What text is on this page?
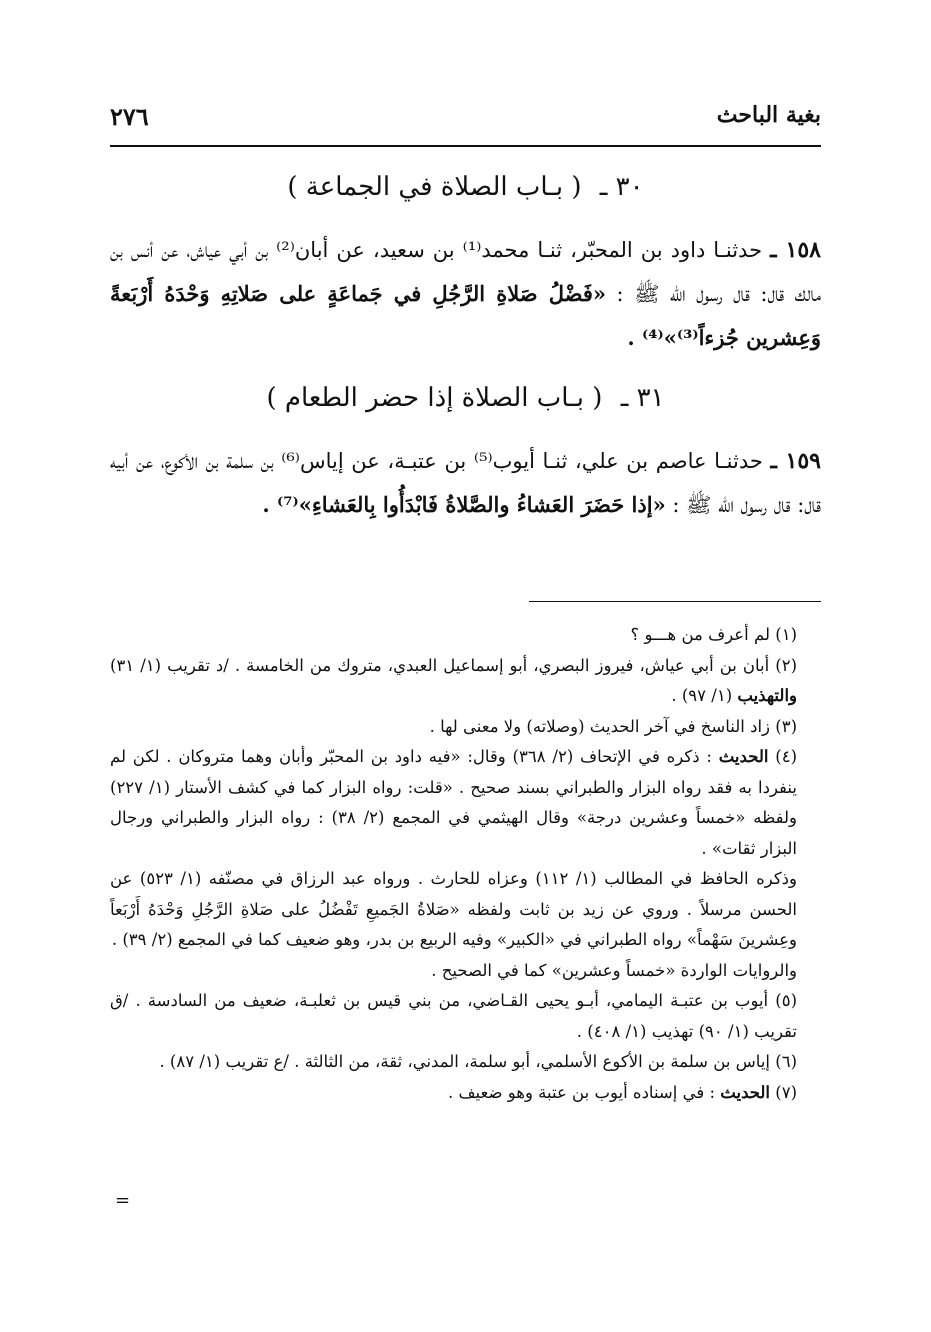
٢٧٦	بغية الباحث
٣٠ ـ ( بـاب الصلاة في الجماعة )

١٥٨ ـ حدثنـا داود بن المحبّر، ثنـا محمد⁽¹⁾ بن سعيد، عن أبان⁽²⁾ بن أبي عياش، عن أنس بن مالك قال: قال رسول الله ﷺ : «فَضْلُ صَلاةِ الرَّجُلِ في جَماعَةٍ على صَلاتِهِ وَحْدَهُ أَرْبَعةً وَعِشرين جُزءاً⁽³⁾»⁽⁴⁾ .

٣١ ـ ( بـاب الصلاة إذا حضر الطعام )

١٥٩ ـ حدثنـا عاصم بن علي، ثنـا أيوب⁽⁵⁾ بن عتبـة، عن إياس⁽⁶⁾ بن سلمة بن الأكوع، عن أبيه قال: قال رسول الله ﷺ : «إذا حَضَرَ العَشاءُ والصَّلاةُ فَابْدَأُوا بِالعَشاءِ»⁽⁷⁾ .

(١) لم أعرف من هـــو ؟

(٢) أبان بن أبي عياش، فيروز البصري، أبو إسماعيل العبدي، متروك من الخامسة . /د تقريب (١/ ٣١) والتهذيب (١/ ٩٧) .

(٣) زاد الناسخ في آخر الحديث (وصلاته) ولا معنى لها .

(٤) الحديث : ذكره في الإتحاف (٢/ ٣٦٨) وقال: «فيه داود بن المحبّر وأبان وهما متروكان . لكن لم ينفردا به فقد رواه البزار والطبراني بسند صحيح . «قلت: رواه البزار كما في كشف الأستار (١/ ٢٢٧) ولفظه «خمساً وعشرين درجة» وقال الهيثمي في المجمع (٢/ ٣٨) : رواه البزار والطبراني ورجال البزار ثقات» .

وذكره الحافظ في المطالب (١/ ١١٢) وعزاه للحارث . ورواه عبد الرزاق في مصنّفه (١/ ٥٢٣) عن الحسن مرسلاً . وروي عن زيد بن ثابت ولفظه «صَلاةُ الجَميعِ تَفْضُلُ على صَلاةِ الرَّجُلِ وَحْدَهُ أَرْبَعاً وعِشرينَ سَهْماً» رواه الطبراني في «الكبير» وفيه الربيع بن بدر، وهو ضعيف كما في المجمع (٢/ ٣٩) .

والروايات الواردة «خمساً وعشرين» كما في الصحيح .

(٥) أيوب بن عتبـة اليمامي، أبـو يحيى القـاضي، من بني قيس بن ثعلبـة، ضعيف من السادسة . /ق تقريب (١/ ٩٠) تهذيب (١/ ٤٠٨) .

(٦) إياس بن سلمة بن الأكوع الأسلمي، أبو سلمة، المدني، ثقة، من الثالثة . /ع تقريب (١/ ٨٧) .

(٧) الحديث : في إسناده أيوب بن عتبة وهو ضعيف .

=
